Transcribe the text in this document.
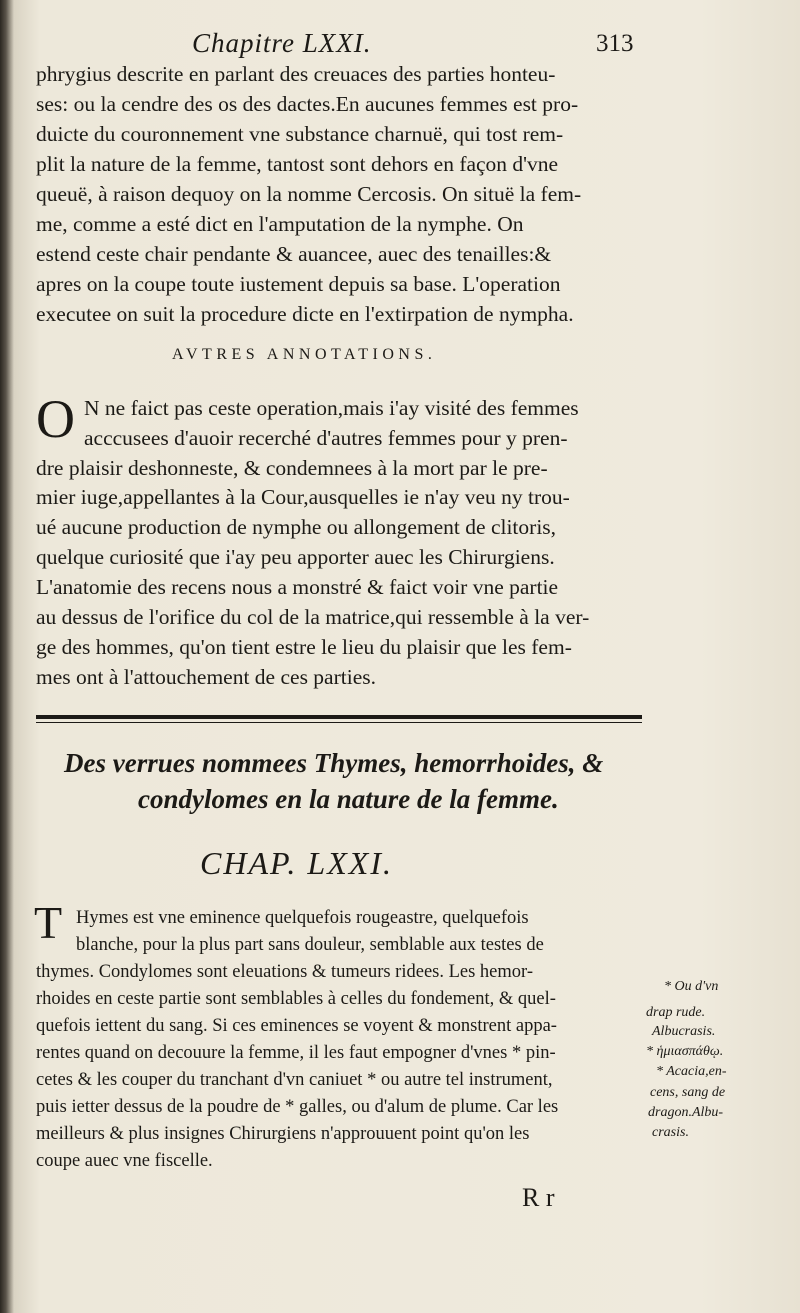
Chapitre LXXI.	313
phrygius descrite en parlant des creuaces des parties honteu-
ses: ou la cendre des os des dactes.En aucunes femmes est pro-
duicte du couronnement vne substance charnuë, qui tost rem-
plit la nature de la femme, tantost sont dehors en façon d'vne
queuë, à raison dequoy on la nomme Cercosis. On situë la fem-
me, comme a esté dict en l'amputation de la nymphe. On
estend ceste chair pendante & auancee, auec des tenailles:&
apres on la coupe toute iustement depuis sa base. L'operation
executee on suit la procedure dicte en l'extirpation de nympha.
AVTRES ANNOTATIONS.
O N ne faict pas ceste operation,mais i'ay visité des femmes
acccusees d'auoir recerché d'autres femmes pour y pren-
dre plaisir deshonneste, & condemnees à la mort par le pre-
mier iuge,appellantes à la Cour,ausquelles ie n'ay veu ny trou-
ué aucune production de nymphe ou allongement de clitoris,
quelque curiosité que i'ay peu apporter auec les Chirurgiens.
L'anatomie des recens nous a monstré & faict voir vne partie
au dessus de l'orifice du col de la matrice,qui ressemble à la ver-
ge des hommes, qu'on tient estre le lieu du plaisir que les fem-
mes ont à l'attouchement de ces parties.
Des verrues nommees Thymes, hemorrhoides, &
condylomes en la nature de la femme.
CHAP. LXXI.
T Hymes est vne eminence quelquefois rougeastre, quelquefois
blanche, pour la plus part sans douleur, semblable aux testes de
thymes. Condylomes sont eleuations & tumeurs ridees. Les hemor-
rhoides en ceste partie sont semblables à celles du fondement, & quel-
quefois iettent du sang. Si ces eminences se voyent & monstrent appa-
rentes quand on decouure la femme, il les faut empogner d'vnes * pin-
cetes & les couper du tranchant d'vn caniuet * ou autre tel instrument,
puis ietter dessus de la poudre de * galles, ou d'alum de plume. Car les
meilleurs & plus insignes Chirurgiens n'approuuent point qu'on les
coupe auec vne fiscelle.
* Ou d'vn
drap rude.
Albucrasis.
* ἡμιασπάθῳ.
* Acacia,en-
cens, sang de
dragon.Albu-
crasis.
R r
